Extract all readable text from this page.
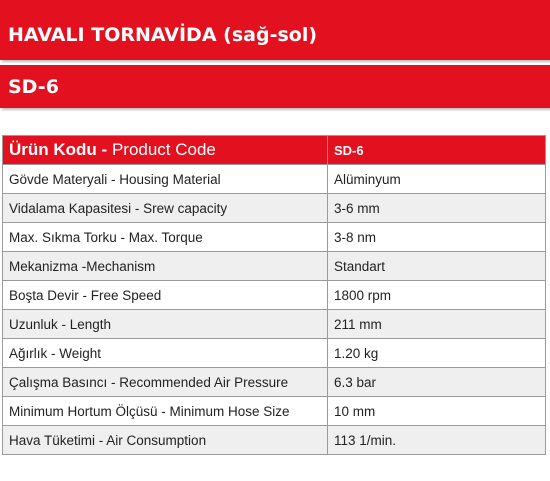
HAVALI TORNAVİDA
(sağ-sol)
SD-6
Ürün Kodu - Product Code	SD-6
Gövde Materyali - Housing Material	Alüminyum
Vidalama Kapasitesi - Srew capacity	3-6 mm
Max. Sıkma Torku - Max. Torque	3-8 nm
Mekanizma -Mechanism	Standart
Boşta Devir - Free Speed	1800 rpm
Uzunluk - Length	211 mm
Ağırlık - Weight	1.20 kg
Çalışma Basıncı - Recommended Air Pressure	6.3 bar
Minimum Hortum Ölçüsü - Minimum Hose Size	10 mm
Hava Tüketimi - Air Consumption	113 1/min.
